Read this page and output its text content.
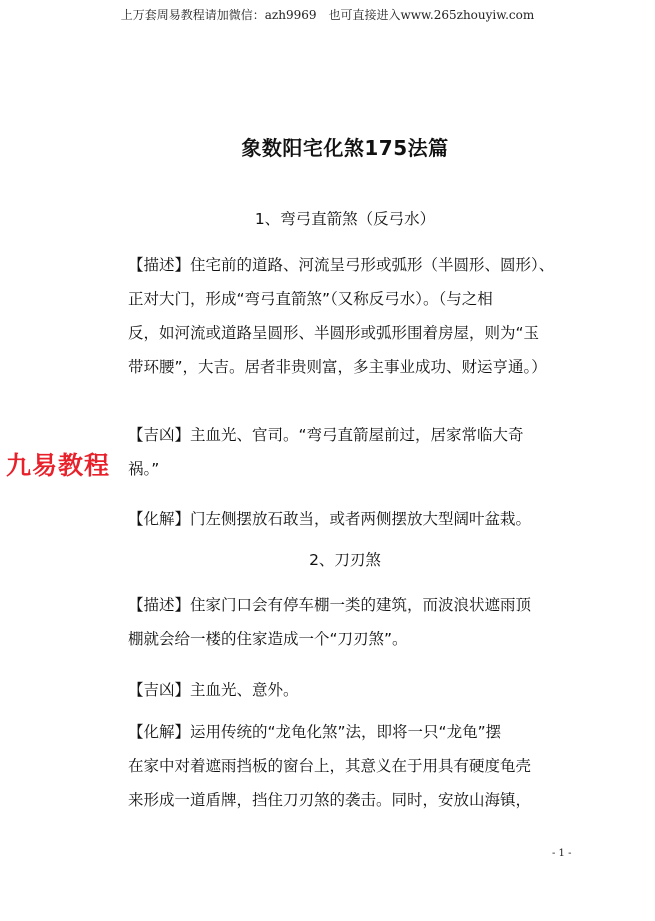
上万套周易教程请加微信：azh9969　也可直接进入www.265zhouyiw.com
象数阳宅化煞175法篇
1、弯弓直箭煞（反弓水）
【描述】住宅前的道路、河流呈弓形或弧形（半圆形、圆形）、
正对大门，形成“弯弓直箭煞”（又称反弓水）。（与之相
反，如河流或道路呈圆形、半圆形或弧形围着房屋，则为“玉
带环腰”，大吉。居者非贵则富，多主事业成功、财运亨通。）
【吉凶】主血光、官司。“弯弓直箭屋前过，居家常临大奇
祸。”
【化解】门左侧摆放石敢当，或者两侧摆放大型阔叶盆栽。
2、刀刃煞
【描述】住家门口会有停车棚一类的建筑，而波浪状遮雨顶
棚就会给一楼的住家造成一个“刀刃煞”。
【吉凶】主血光、意外。
【化解】运用传统的“龙龟化煞”法，即将一只“龙龟”摆
在家中对着遮雨挡板的窗台上，其意义在于用具有硬度龟壳
来形成一道盾牌，挡住刀刃煞的袭击。同时，安放山海镇，
九易教程
- 1 -
